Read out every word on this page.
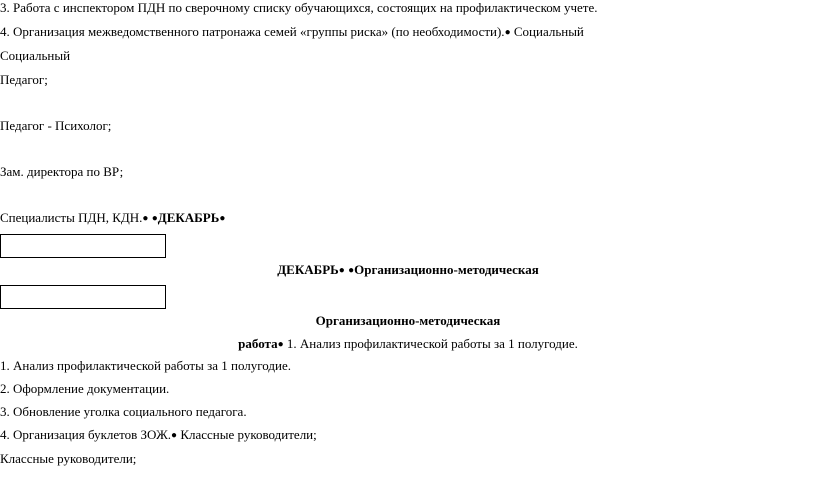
3. Работа с инспектором ПДН по сверочному списку обучающихся, состоящих на профилактическом учете.
4. Организация межведомственного патронажа семей «группы риска» (по необходимости).● Социальный
Социальный
Педагог;
Педагог - Психолог;
Зам. директора по ВР;
Специалисты ПДН, КДН.● ●ДЕКАБРЬ●
ДЕКАБРЬ● ●Организационно-методическая
Организационно-методическая
работа● 1. Анализ профилактической работы за 1 полугодие.
1. Анализ профилактической работы за 1 полугодие.
2. Оформление документации.
3. Обновление уголка социального педагога.
4. Организация буклетов ЗОЖ.● Классные руководители;
Классные руководители;
